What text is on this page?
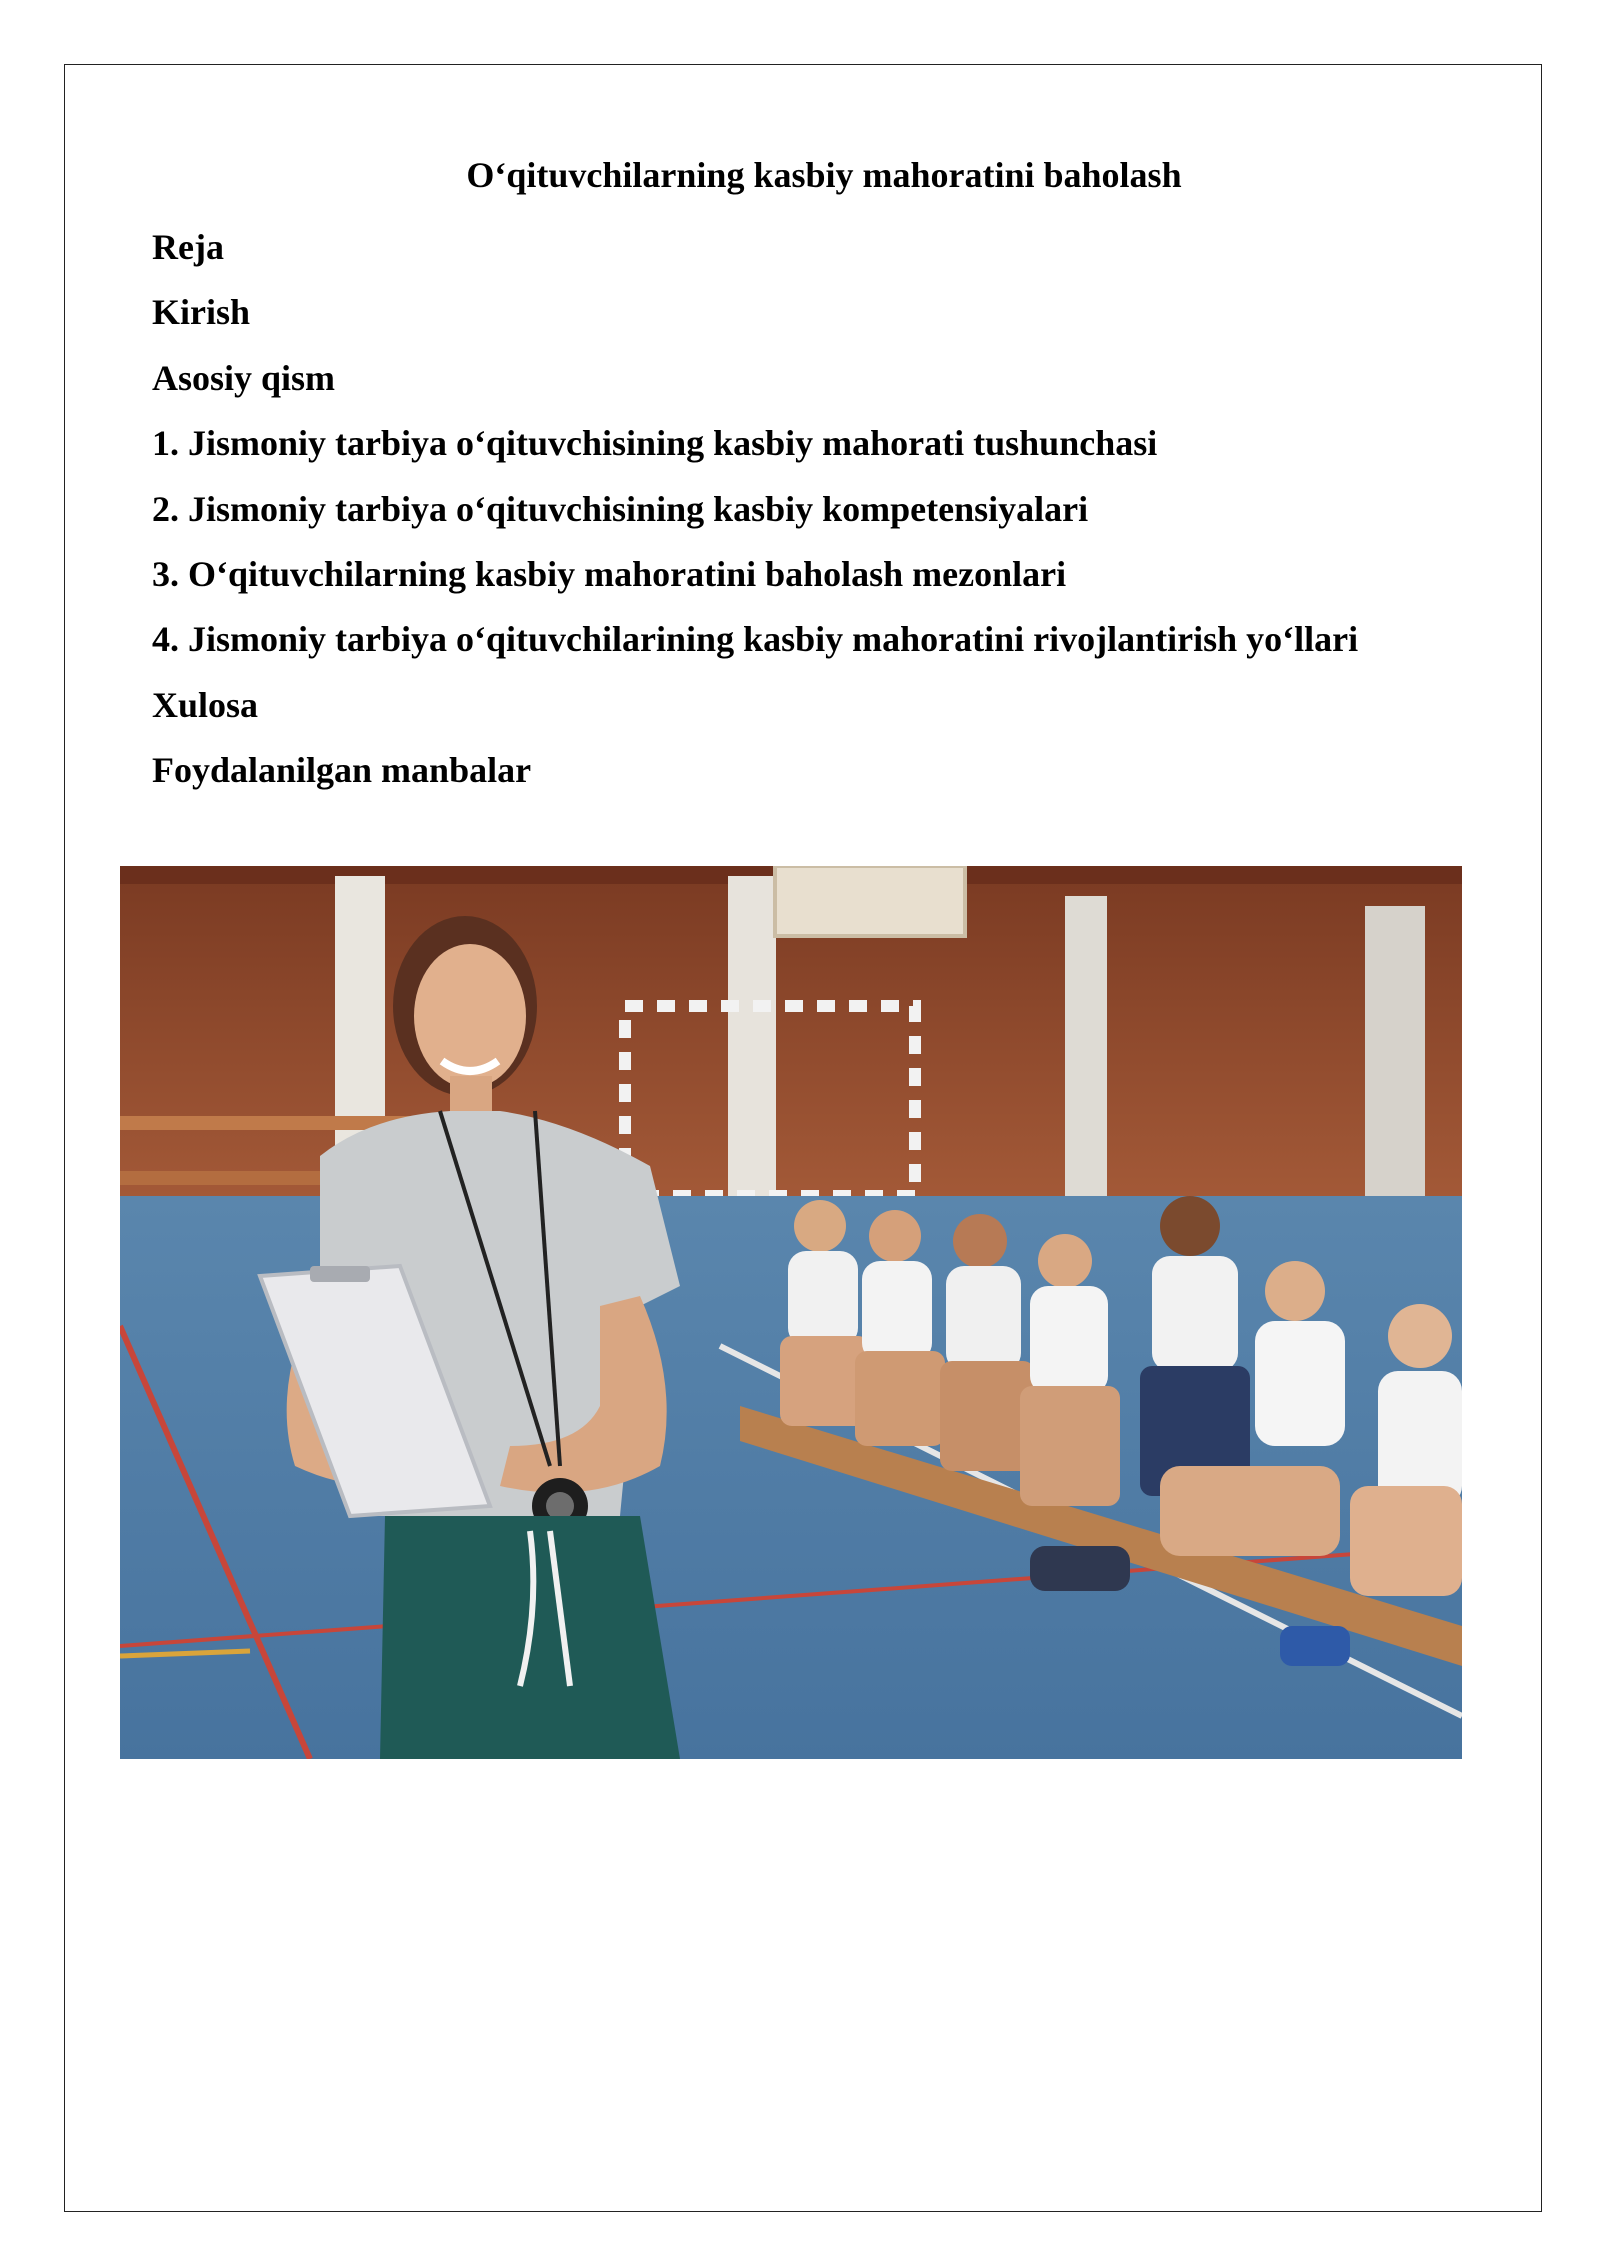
O‘qituvchilarning kasbiy mahoratini baholash
Reja
Kirish
Asosiy qism
1. Jismoniy tarbiya o‘qituvchisining kasbiy mahorati tushunchasi
2. Jismoniy tarbiya o‘qituvchisining kasbiy kompetensiyalari
3. O‘qituvchilarning kasbiy mahoratini baholash mezonlari
4. Jismoniy tarbiya o‘qituvchilarining kasbiy mahoratini rivojlantirish yo‘llari
Xulosa
Foydalanilgan manbalar
